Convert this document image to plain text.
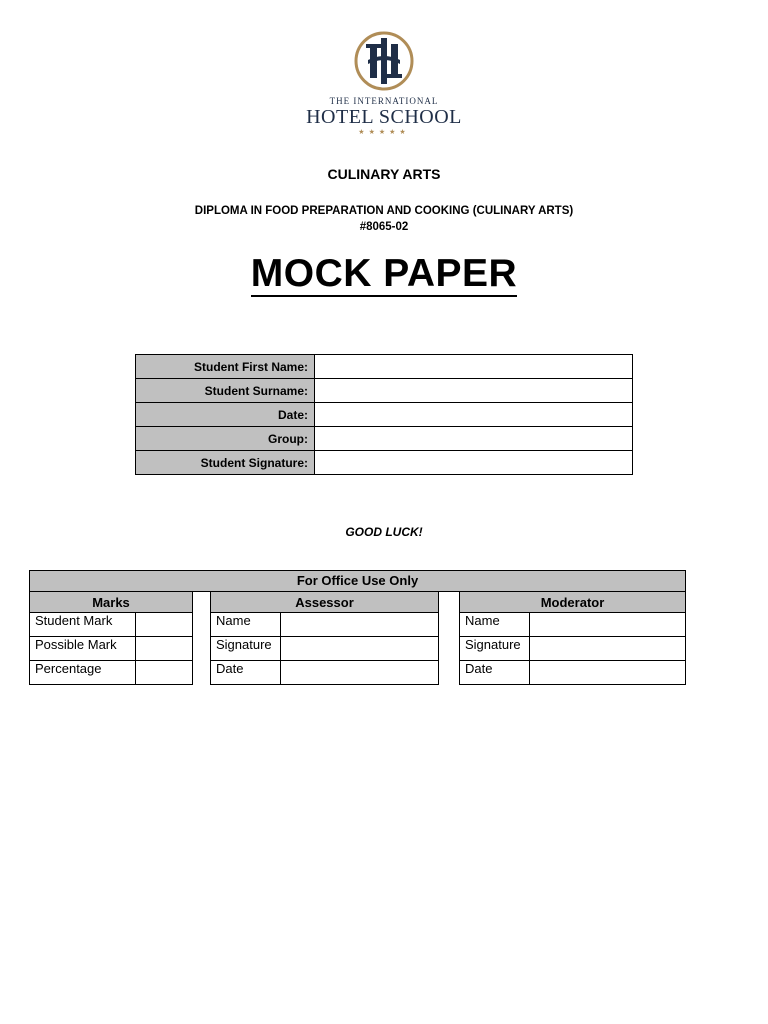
THE INTERNATIONAL
HOTEL SCHOOL
★★★★★
CULINARY ARTS
DIPLOMA IN FOOD PREPARATION AND COOKING (CULINARY ARTS)
#8065-02
MOCK PAPER
Student First Name:	
Student Surname:	
Date:	
Group:	
Student Signature:	
GOOD LUCK!
For Office Use Only
Marks	
Student Mark	
Possible Mark	
Percentage	
Assessor	
Name	
Signature	
Date	
Moderator	
Name	
Signature	
Date	
